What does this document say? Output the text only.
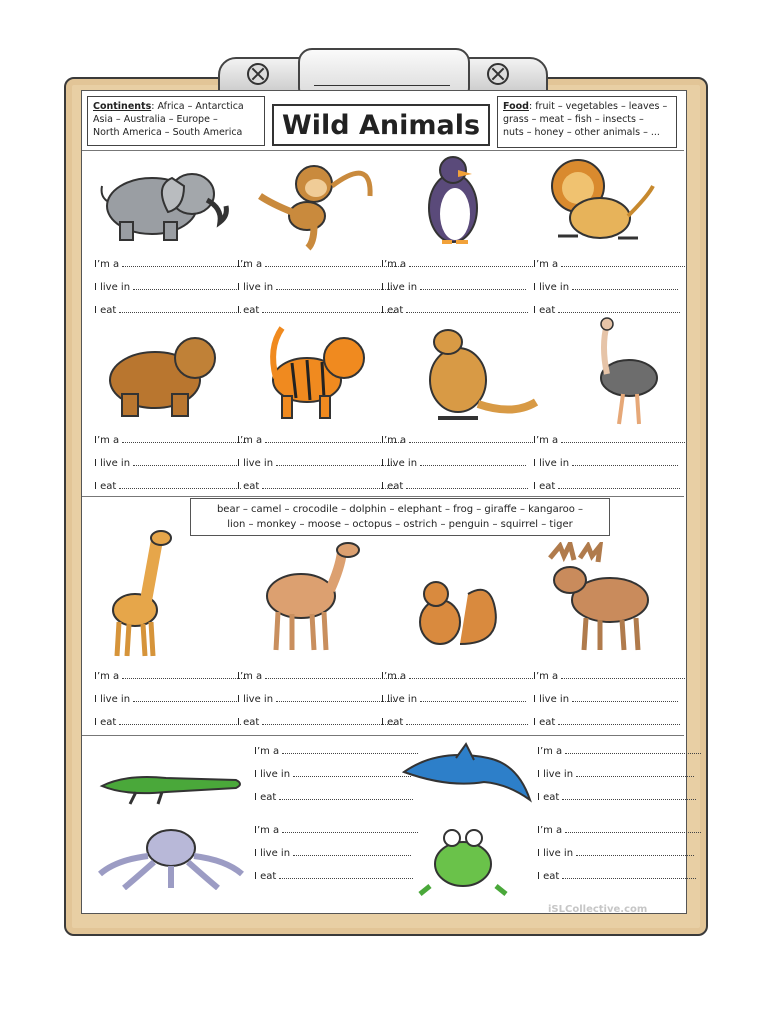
Continents: Africa – Antarctica
Asia – Australia – Europe –
North America – South America	Wild Animals
Food: fruit – vegetables – leaves –
grass – meat – fish – insects –
nuts – honey – other animals – ...
bear – camel – crocodile – dolphin – elephant – frog – giraffe – kangaroo –
lion – monkey – moose – octopus – ostrich – penguin – squirrel – tiger
I’m a
I live in
I eat
I’m a
I live in
I eat
I’m a
I live in
I eat
I’m a
I live in
I eat
I’m a
I live in
I eat
I’m a
I live in
I eat
I’m a
I live in
I eat
I’m a
I live in
I eat
I’m a
I live in
I eat
I’m a
I live in
I eat
I’m a
I live in
I eat
I’m a
I live in
I eat
I’m a
I live in
I eat
I’m a
I live in
I eat
I’m a
I live in
I eat
I’m a
I live in
I eat
iSLCollective.com
